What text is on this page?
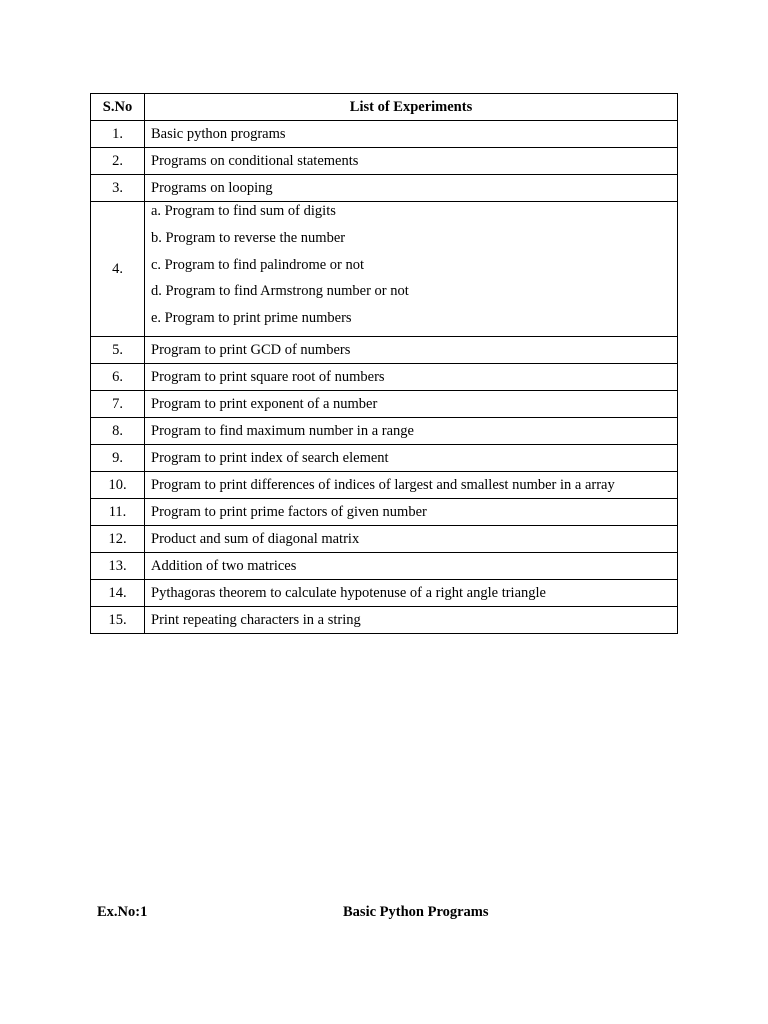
S.No	List of Experiments
1.	Basic python programs
2.	Programs on conditional statements
3.	Programs on looping
4.	a. Program to find sum of digits
b. Program to reverse the number
c. Program to find palindrome or not
d. Program to find Armstrong number or not
e. Program to print prime numbers

5.	Program to print GCD of numbers
6.	Program to print square root of numbers
7.	Program to print exponent of a number
8.	Program to find maximum number in a range
9.	Program to print index of search element
10.	Program to print differences of indices of largest and smallest number in a array
11.	Program to print prime factors of given number
12.	Product and sum of diagonal matrix
13.	Addition of two matrices
14.	Pythagoras theorem to calculate hypotenuse of a right angle triangle
15.	Print repeating characters in a string
Ex.No:1	Basic Python Programs
